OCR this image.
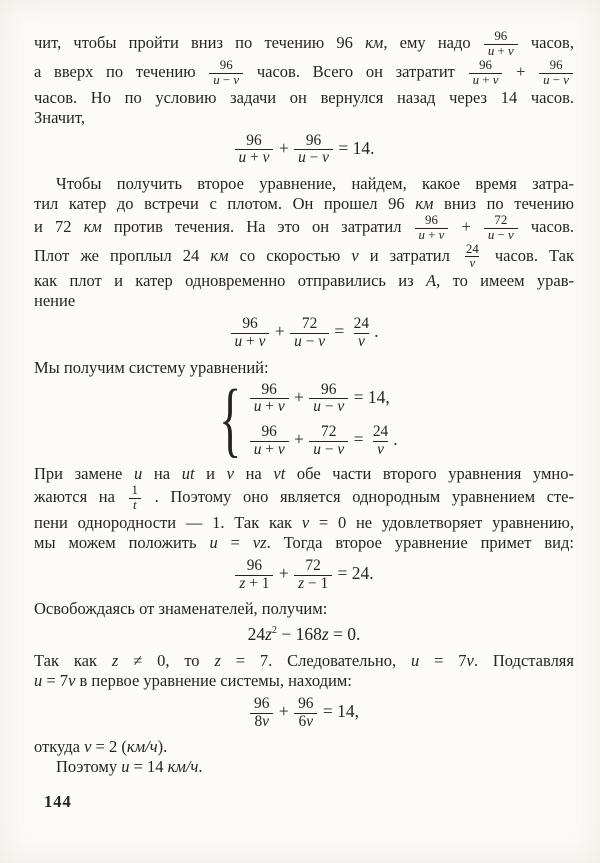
чит, чтобы пройти вниз по течению 96 км, ему надо $\frac{96}{u + v}$ часов,
а вверх по течению $\frac{96}{u - v}$ часов. Всего он затратит $\frac{96}{u + v} + \frac{96}{u - v}$
часов. Но по условию задачи он вернулся назад через 14 часов.
Значит,
$\frac{96}{u + v} + \frac{96}{u - v} = 14$.
Чтобы получить второе уравнение, найдем, какое время затра-
тил катер до встречи с плотом. Он прошел 96 км вниз по течению
и 72 км против течения. На это он затратил $\frac{96}{u + v} + \frac{72}{u - v}$ часов.
Плот же проплыл 24 км со скоростью v и затратил $\frac{24}{v}$ часов. Так
как плот и катер одновременно отправились из A, то имеем урав-
нение
$\frac{96}{u + v} + \frac{72}{u - v} = \frac{24}{v}$ .
Мы получим систему уравнений:
{ $\frac{96}{u + v} + \frac{96}{u - v} = 14$,
$\frac{96}{u + v} + \frac{72}{u - v} = \frac{24}{v}$ .
При замене u на ut и v на vt обе части второго уравнения умно-
жаются на $\frac{1}{t}$ . Поэтому оно является однородным уравнением сте-
пени однородности — 1. Так как v = 0 не удовлетворяет уравнению,
мы можем положить u = vz. Тогда второе уравнение примет вид:
$\frac{96}{z + 1} + \frac{72}{z - 1} = 24$.
Освобождаясь от знаменателей, получим:
$24z^2 - 168z = 0$.
Так как z ≠ 0, то z = 7. Следовательно, u = 7v. Подставляя
u = 7v в первое уравнение системы, находим:
$\frac{96}{8v} + \frac{96}{6v} = 14$,
откуда v = 2 (км/ч).
Поэтому u = 14 км/ч.
144
